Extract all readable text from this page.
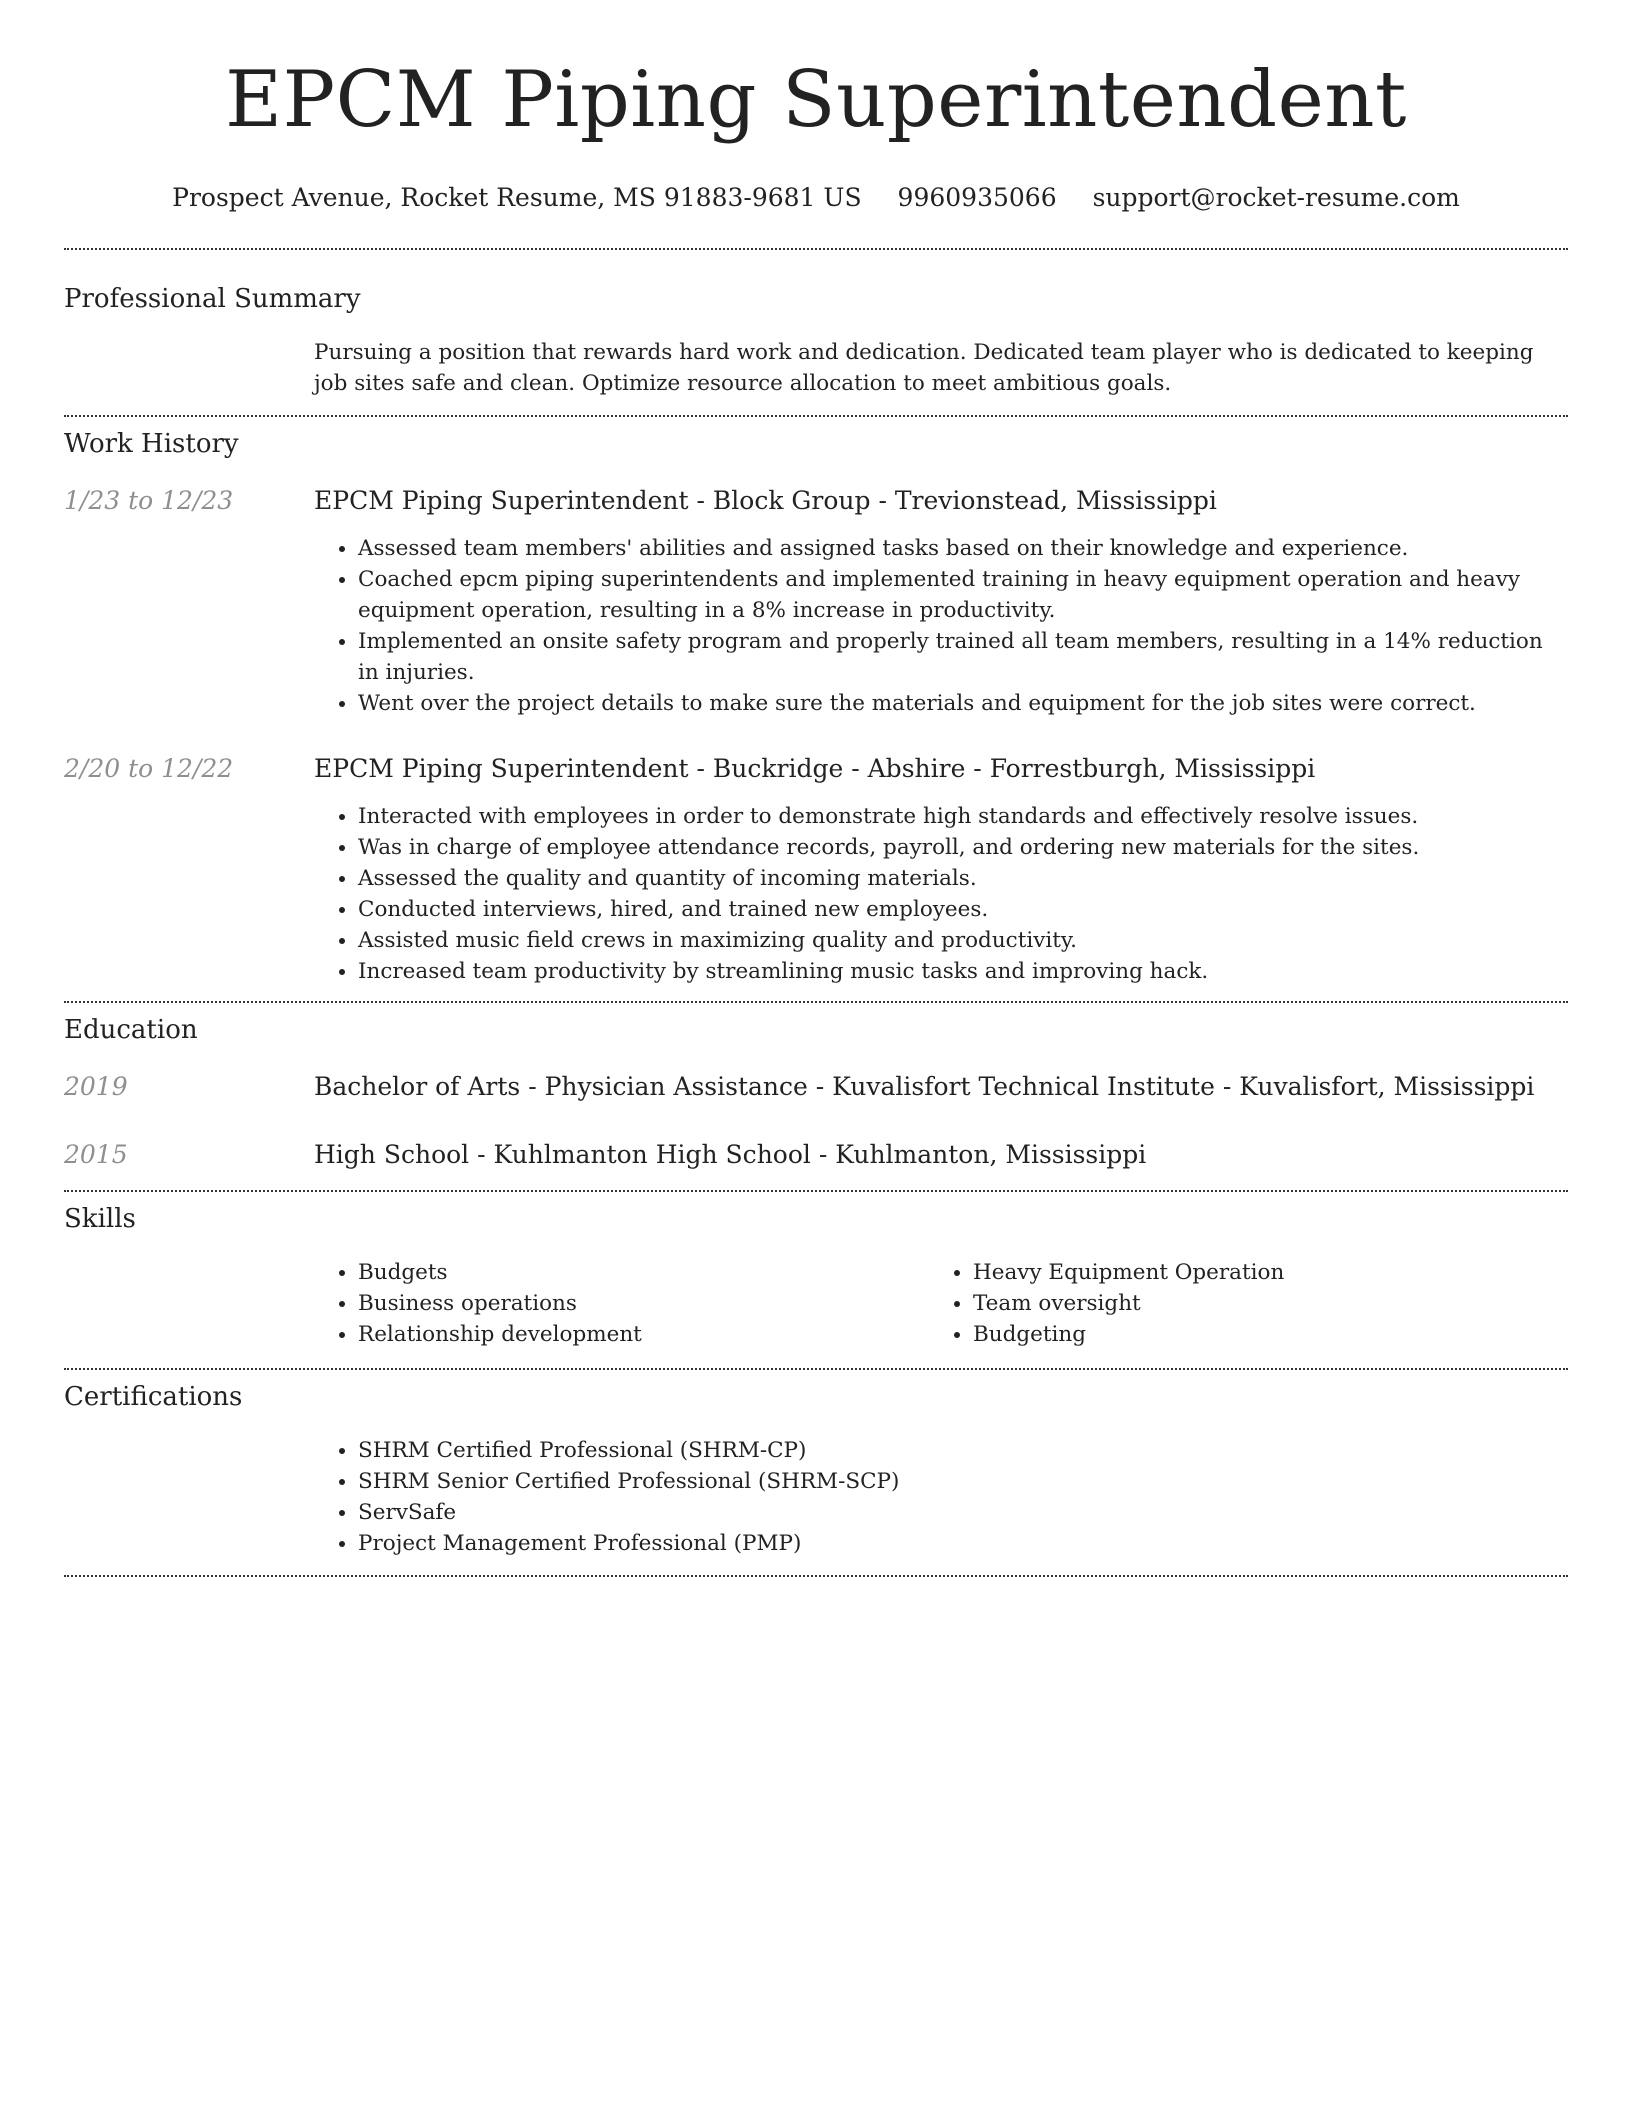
EPCM Piping Superintendent
Prospect Avenue, Rocket Resume, MS 91883-9681 US 9960935066 support@rocket-resume.com
Professional Summary
Pursuing a position that rewards hard work and dedication. Dedicated team player who is dedicated to keeping job sites safe and clean. Optimize resource allocation to meet ambitious goals.
Work History
1/23 to 12/23	EPCM Piping Superintendent - Block Group - Trevionstead, Mississippi
• Assessed team members' abilities and assigned tasks based on their knowledge and experience.
• Coached epcm piping superintendents and implemented training in heavy equipment operation and heavy equipment operation, resulting in a 8% increase in productivity.
• Implemented an onsite safety program and properly trained all team members, resulting in a 14% reduction in injuries.
• Went over the project details to make sure the materials and equipment for the job sites were correct.
2/20 to 12/22	EPCM Piping Superintendent - Buckridge - Abshire - Forrestburgh, Mississippi
• Interacted with employees in order to demonstrate high standards and effectively resolve issues.
• Was in charge of employee attendance records, payroll, and ordering new materials for the sites.
• Assessed the quality and quantity of incoming materials.
• Conducted interviews, hired, and trained new employees.
• Assisted music field crews in maximizing quality and productivity.
• Increased team productivity by streamlining music tasks and improving hack.
Education
2019	Bachelor of Arts - Physician Assistance - Kuvalisfort Technical Institute - Kuvalisfort, Mississippi
2015	High School - Kuhlmanton High School - Kuhlmanton, Mississippi
Skills
• Budgets
• Business operations
• Relationship development
• Heavy Equipment Operation
• Team oversight
• Budgeting
Certifications
• SHRM Certified Professional (SHRM-CP)
• SHRM Senior Certified Professional (SHRM-SCP)
• ServSafe
• Project Management Professional (PMP)
